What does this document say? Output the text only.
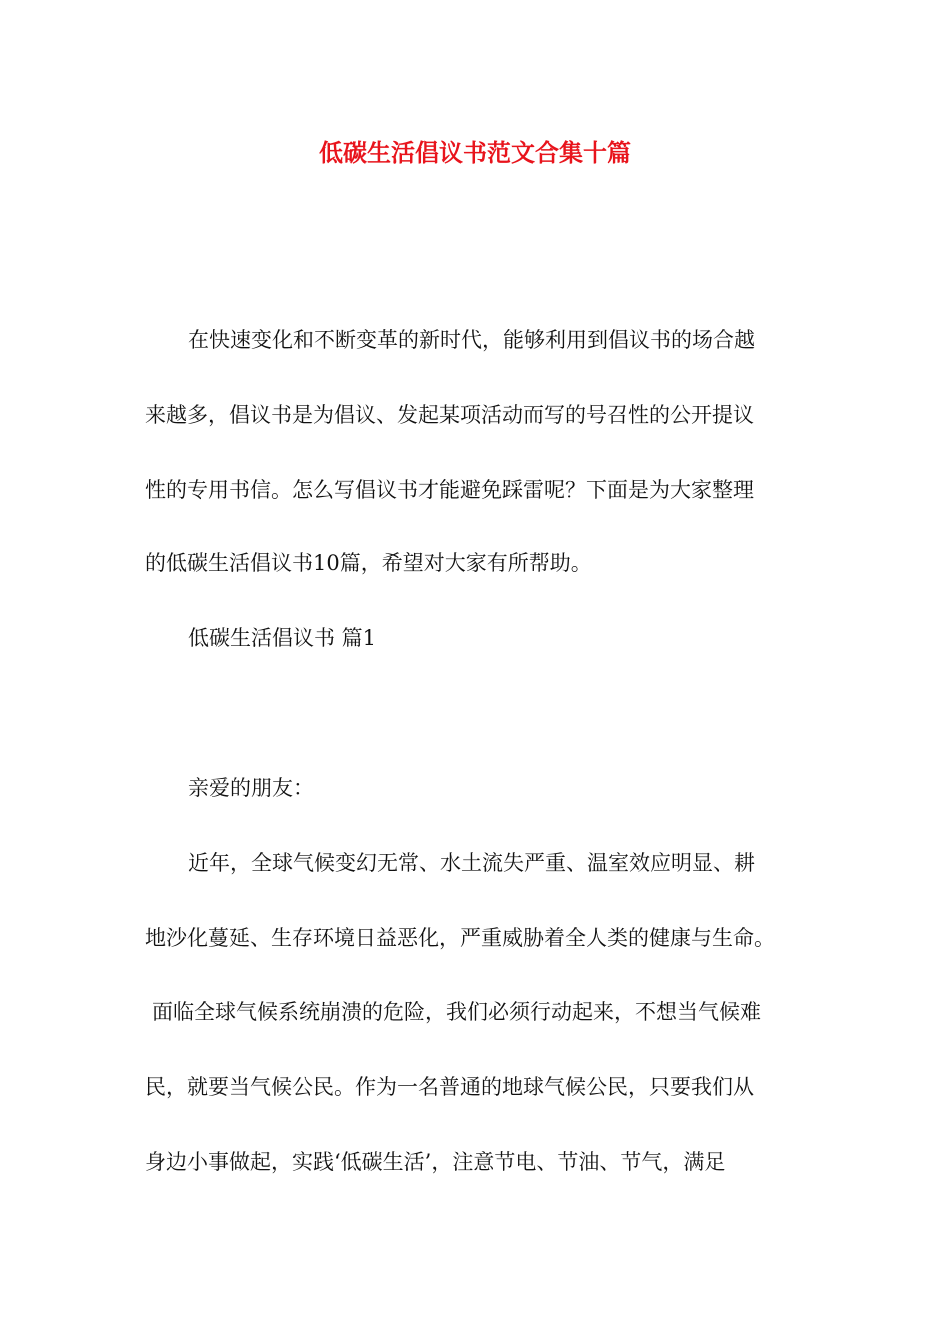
低碳生活倡议书范文合集十篇
在快速变化和不断变革的新时代，能够利用到倡议书的场合越
来越多，倡议书是为倡议、发起某项活动而写的号召性的公开提议
性的专用书信。怎么写倡议书才能避免踩雷呢？下面是为大家整理
的低碳生活倡议书10篇，希望对大家有所帮助。
低碳生活倡议书 篇1
亲爱的朋友：
近年，全球气候变幻无常、水土流失严重、温室效应明显、耕
地沙化蔓延、生存环境日益恶化，严重威胁着全人类的健康与生命。
面临全球气候系统崩溃的危险，我们必须行动起来，不想当气候难
民，就要当气候公民。作为一名普通的地球气候公民，只要我们从
身边小事做起，实践‘低碳生活’，注意节电、节油、节气，满足
